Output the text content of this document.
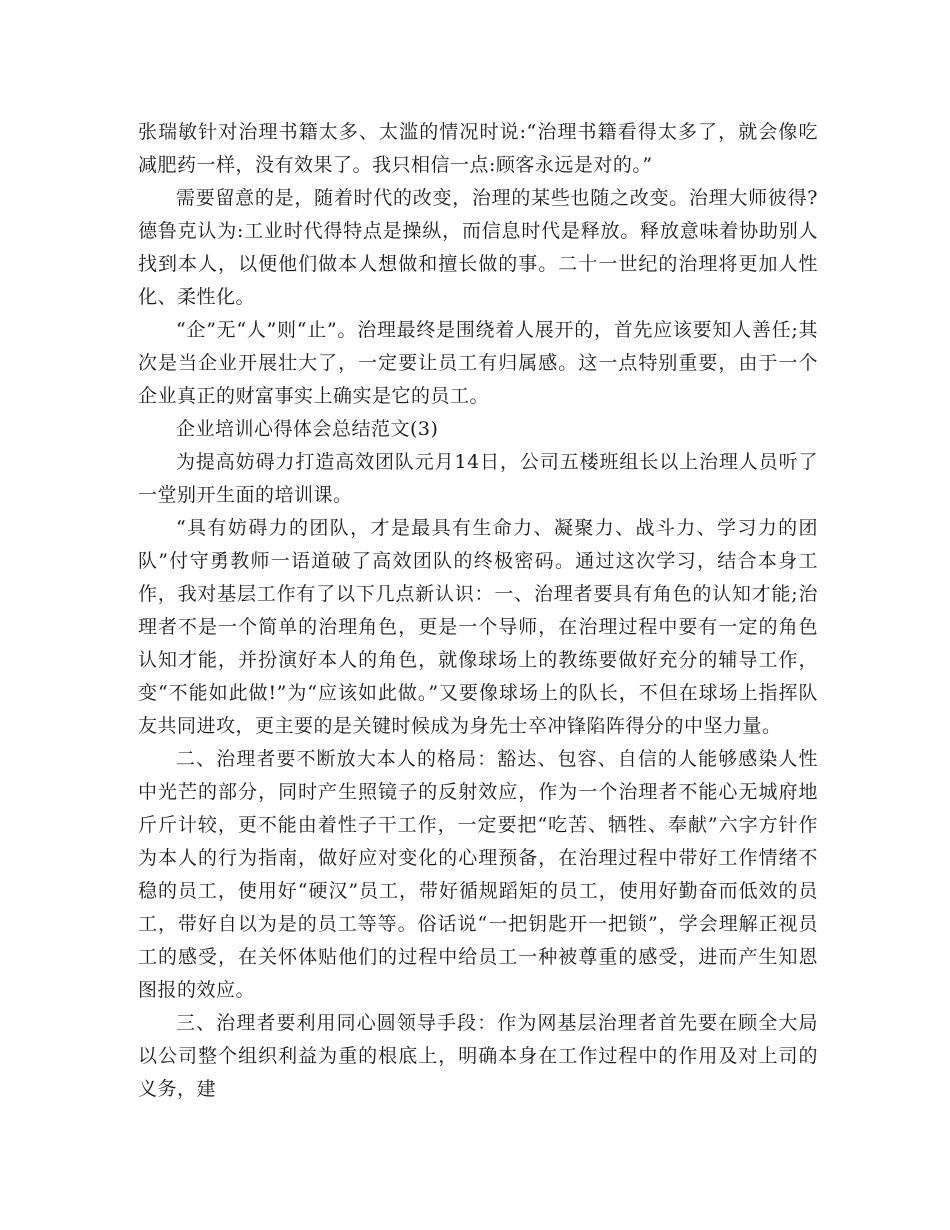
张瑞敏针对治理书籍太多、太滥的情况时说:“治理书籍看得太多了，就会像吃减肥药一样，没有效果了。我只相信一点:顾客永远是对的。”

需要留意的是，随着时代的改变，治理的某些也随之改变。治理大师彼得?德鲁克认为:工业时代得特点是操纵，而信息时代是释放。释放意味着协助别人找到本人，以便他们做本人想做和擅长做的事。二十一世纪的治理将更加人性化、柔性化。

“企”无“人”则“止”。治理最终是围绕着人展开的，首先应该要知人善任;其次是当企业开展壮大了，一定要让员工有归属感。这一点特别重要，由于一个企业真正的财富事实上确实是它的员工。

企业培训心得体会总结范文(3)

为提高妨碍力打造高效团队元月14日，公司五楼班组长以上治理人员听了一堂别开生面的培训课。

“具有妨碍力的团队，才是最具有生命力、凝聚力、战斗力、学习力的团队”付守勇教师一语道破了高效团队的终极密码。通过这次学习，结合本身工作，我对基层工作有了以下几点新认识：一、治理者要具有角色的认知才能;治理者不是一个简单的治理角色，更是一个导师，在治理过程中要有一定的角色认知才能，并扮演好本人的角色，就像球场上的教练要做好充分的辅导工作，变“不能如此做!”为“应该如此做。”又要像球场上的队长，不但在球场上指挥队友共同进攻，更主要的是关键时候成为身先士卒冲锋陷阵得分的中坚力量。

二、治理者要不断放大本人的格局：豁达、包容、自信的人能够感染人性中光芒的部分，同时产生照镜子的反射效应，作为一个治理者不能心无城府地斤斤计较，更不能由着性子干工作，一定要把“吃苦、牺牲、奉献”六字方针作为本人的行为指南，做好应对变化的心理预备，在治理过程中带好工作情绪不稳的员工，使用好“硬汉”员工，带好循规蹈矩的员工，使用好勤奋而低效的员工，带好自以为是的员工等等。俗话说“一把钥匙开一把锁”，学会理解正视员工的感受，在关怀体贴他们的过程中给员工一种被尊重的感受，进而产生知恩图报的效应。

三、治理者要利用同心圆领导手段：作为网基层治理者首先要在顾全大局以公司整个组织利益为重的根底上，明确本身在工作过程中的作用及对上司的义务，建
